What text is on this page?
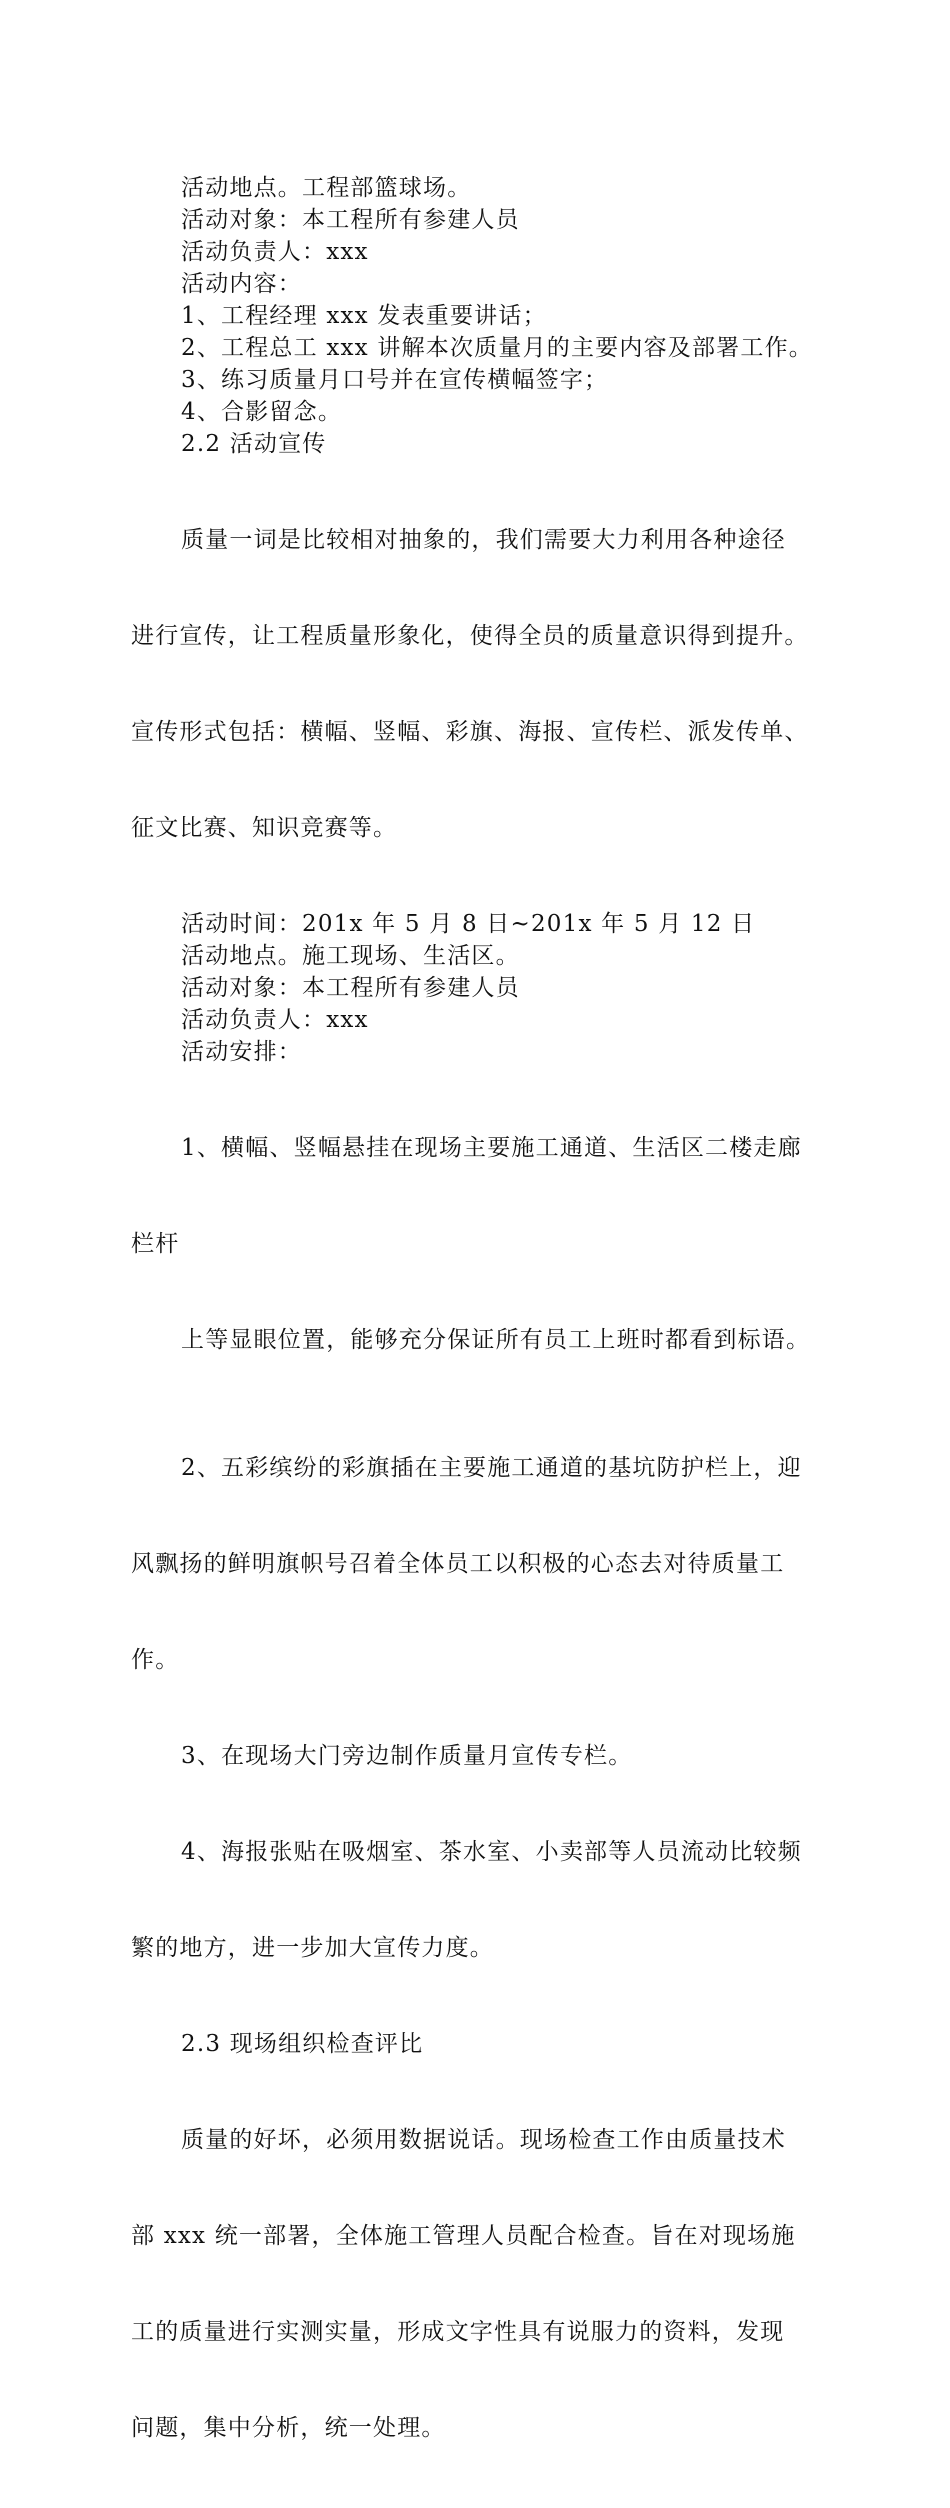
活动地点。工程部篮球场。

活动对象：本工程所有参建人员

活动负责人：xxx

活动内容：

1、工程经理 xxx 发表重要讲话；

2、工程总工 xxx 讲解本次质量月的主要内容及部署工作。

3、练习质量月口号并在宣传横幅签字；

4、合影留念。

2.2 活动宣传

质量一词是比较相对抽象的，我们需要大力利用各种途径

进行宣传，让工程质量形象化，使得全员的质量意识得到提升。

宣传形式包括：横幅、竖幅、彩旗、海报、宣传栏、派发传单、

征文比赛、知识竞赛等。

活动时间：201x 年 5 月 8 日~201x 年 5 月 12 日

活动地点。施工现场、生活区。

活动对象：本工程所有参建人员

活动负责人：xxx

活动安排：

1、横幅、竖幅悬挂在现场主要施工通道、生活区二楼走廊

栏杆

上等显眼位置，能够充分保证所有员工上班时都看到标语。

2、五彩缤纷的彩旗插在主要施工通道的基坑防护栏上，迎

风飘扬的鲜明旗帜号召着全体员工以积极的心态去对待质量工

作。

3、在现场大门旁边制作质量月宣传专栏。

4、海报张贴在吸烟室、茶水室、小卖部等人员流动比较频

繁的地方，进一步加大宣传力度。

2.3 现场组织检查评比

质量的好坏，必须用数据说话。现场检查工作由质量技术

部 xxx 统一部署，全体施工管理人员配合检查。旨在对现场施

工的质量进行实测实量，形成文字性具有说服力的资料，发现

问题，集中分析，统一处理。
